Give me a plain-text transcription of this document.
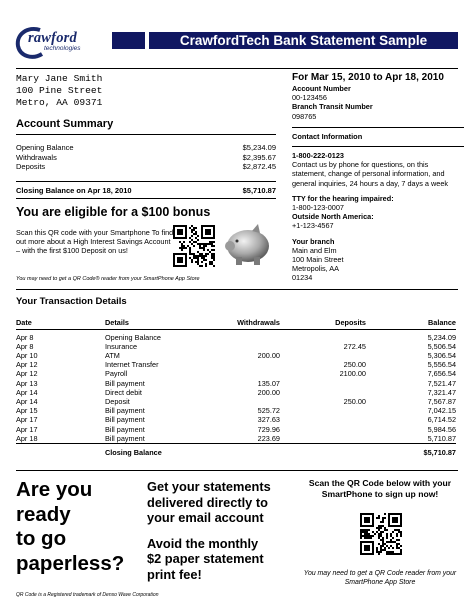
rawford
technologies
CrawfordTech Bank Statement Sample
Mary Jane Smith
100 Pine Street
Metro, AA 09371
For Mar 15, 2010 to Apr 18, 2010
Account Number
00-123456
Branch Transit Number
098765
Contact Information
1-800-222-0123
Contact us by phone for questions, on this statement, change of personal information, and general inquiries, 24 hours a day, 7 days a week
TTY for the hearing impaired:
1-800-123-0007
Outside North America:
+1-123-4567
Your branch
Main and Elm
100 Main Street
Metropolis, AA
01234
Account Summary
Opening Balance	$5,234.09
Withdrawals	$2,395.67
Deposits	$2,872.45
Closing Balance on Apr 18, 2010	$5,710.87
You are eligible for a $100 bonus
Scan this QR code with your Smartphone To find out more about a High Interest Savings Account – with the first $100 Deposit on us!
You may need to get a QR Code® reader from your SmartPhone App Store
Your Transaction Details
Date	Details	Withdrawals	Deposits	Balance
Apr 8	Opening Balance			5,234.09
Apr 8	Insurance		272.45	5,506.54
Apr 10	ATM	200.00		5,306.54
Apr 12	Internet Transfer		250.00	5,556.54
Apr 12	Payroll		2100.00	7,656.54
Apr 13	Bill payment	135.07		7,521.47
Apr 14	Direct debit	200.00		7,321.47
Apr 14	Deposit		250.00	7,567.87
Apr 15	Bill payment	525.72		7,042.15
Apr 17	Bill payment	327.63		6,714.52
Apr 17	Bill payment	729.96		5,984.56
Apr 18	Bill payment	223.69		5,710.87
	Closing Balance			$5,710.87
Are you
ready
to go
paperless?
Get your statements
delivered directly to
your email account
Avoid the monthly
$2 paper statement
print fee!
Scan the QR Code below with your SmartPhone to sign up now!
You may need to get a QR Code reader from your SmartPhone App Store
QR Code is a Registered trademark of Denso Wave Corporation
